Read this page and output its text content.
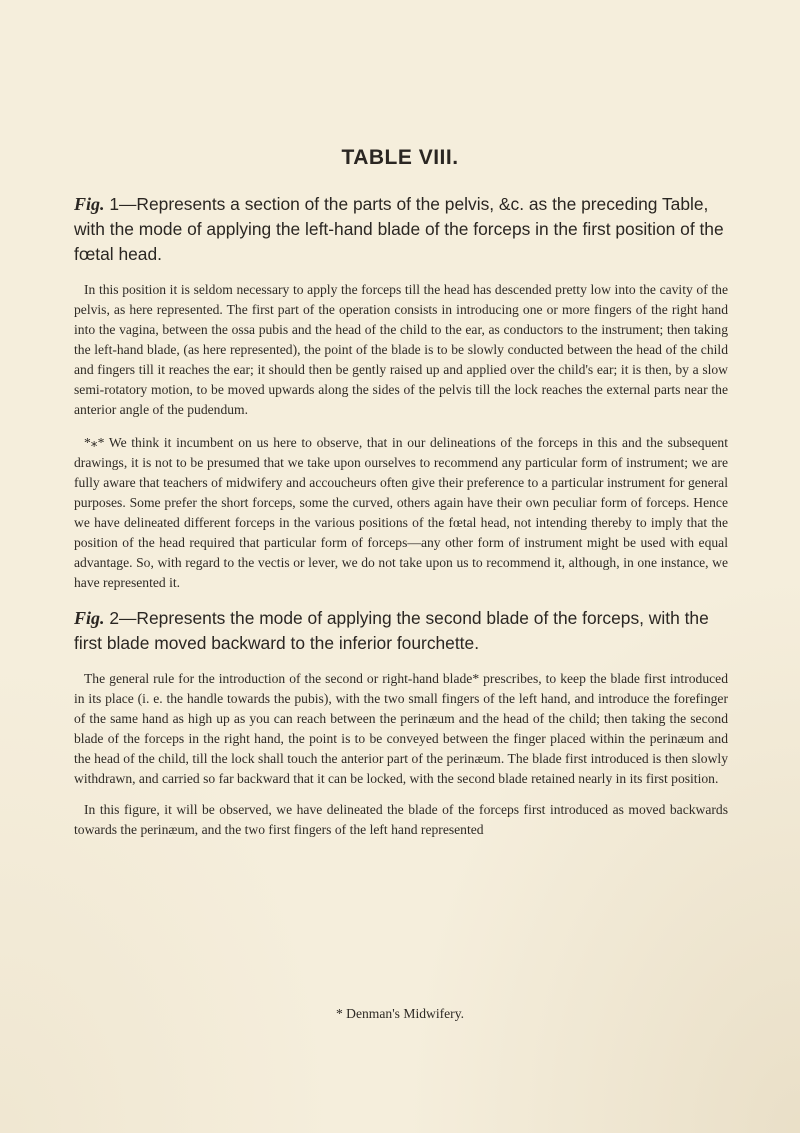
TABLE VIII.
Fig. 1—Represents a section of the parts of the pelvis, &c. as the preceding Table, with the mode of applying the left-hand blade of the forceps in the first position of the fœtal head.

In this position it is seldom necessary to apply the forceps till the head has descended pretty low into the cavity of the pelvis, as here represented. The first part of the operation consists in introducing one or more fingers of the right hand into the vagina, between the ossa pubis and the head of the child to the ear, as conductors to the instrument; then taking the left-hand blade, (as here represented), the point of the blade is to be slowly conducted between the head of the child and fingers till it reaches the ear; it should then be gently raised up and applied over the child's ear; it is then, by a slow semi-rotatory motion, to be moved upwards along the sides of the pelvis till the lock reaches the external parts near the anterior angle of the pudendum.

*⁎* We think it incumbent on us here to observe, that in our delineations of the forceps in this and the subsequent drawings, it is not to be presumed that we take upon ourselves to recommend any particular form of instrument; we are fully aware that teachers of midwifery and accoucheurs often give their preference to a particular instrument for general purposes. Some prefer the short forceps, some the curved, others again have their own peculiar form of forceps. Hence we have delineated different forceps in the various positions of the fœtal head, not intending thereby to imply that the position of the head required that particular form of forceps—any other form of instrument might be used with equal advantage. So, with regard to the vectis or lever, we do not take upon us to recommend it, although, in one instance, we have represented it.

Fig. 2—Represents the mode of applying the second blade of the forceps, with the first blade moved backward to the inferior fourchette.

The general rule for the introduction of the second or right-hand blade* prescribes, to keep the blade first introduced in its place (i. e. the handle towards the pubis), with the two small fingers of the left hand, and introduce the forefinger of the same hand as high up as you can reach between the perinæum and the head of the child; then taking the second blade of the forceps in the right hand, the point is to be conveyed between the finger placed within the perinæum and the head of the child, till the lock shall touch the anterior part of the perinæum. The blade first introduced is then slowly withdrawn, and carried so far backward that it can be locked, with the second blade retained nearly in its first position.

In this figure, it will be observed, we have delineated the blade of the forceps first introduced as moved backwards towards the perinæum, and the two first fingers of the left hand represented

* Denman's Midwifery.
